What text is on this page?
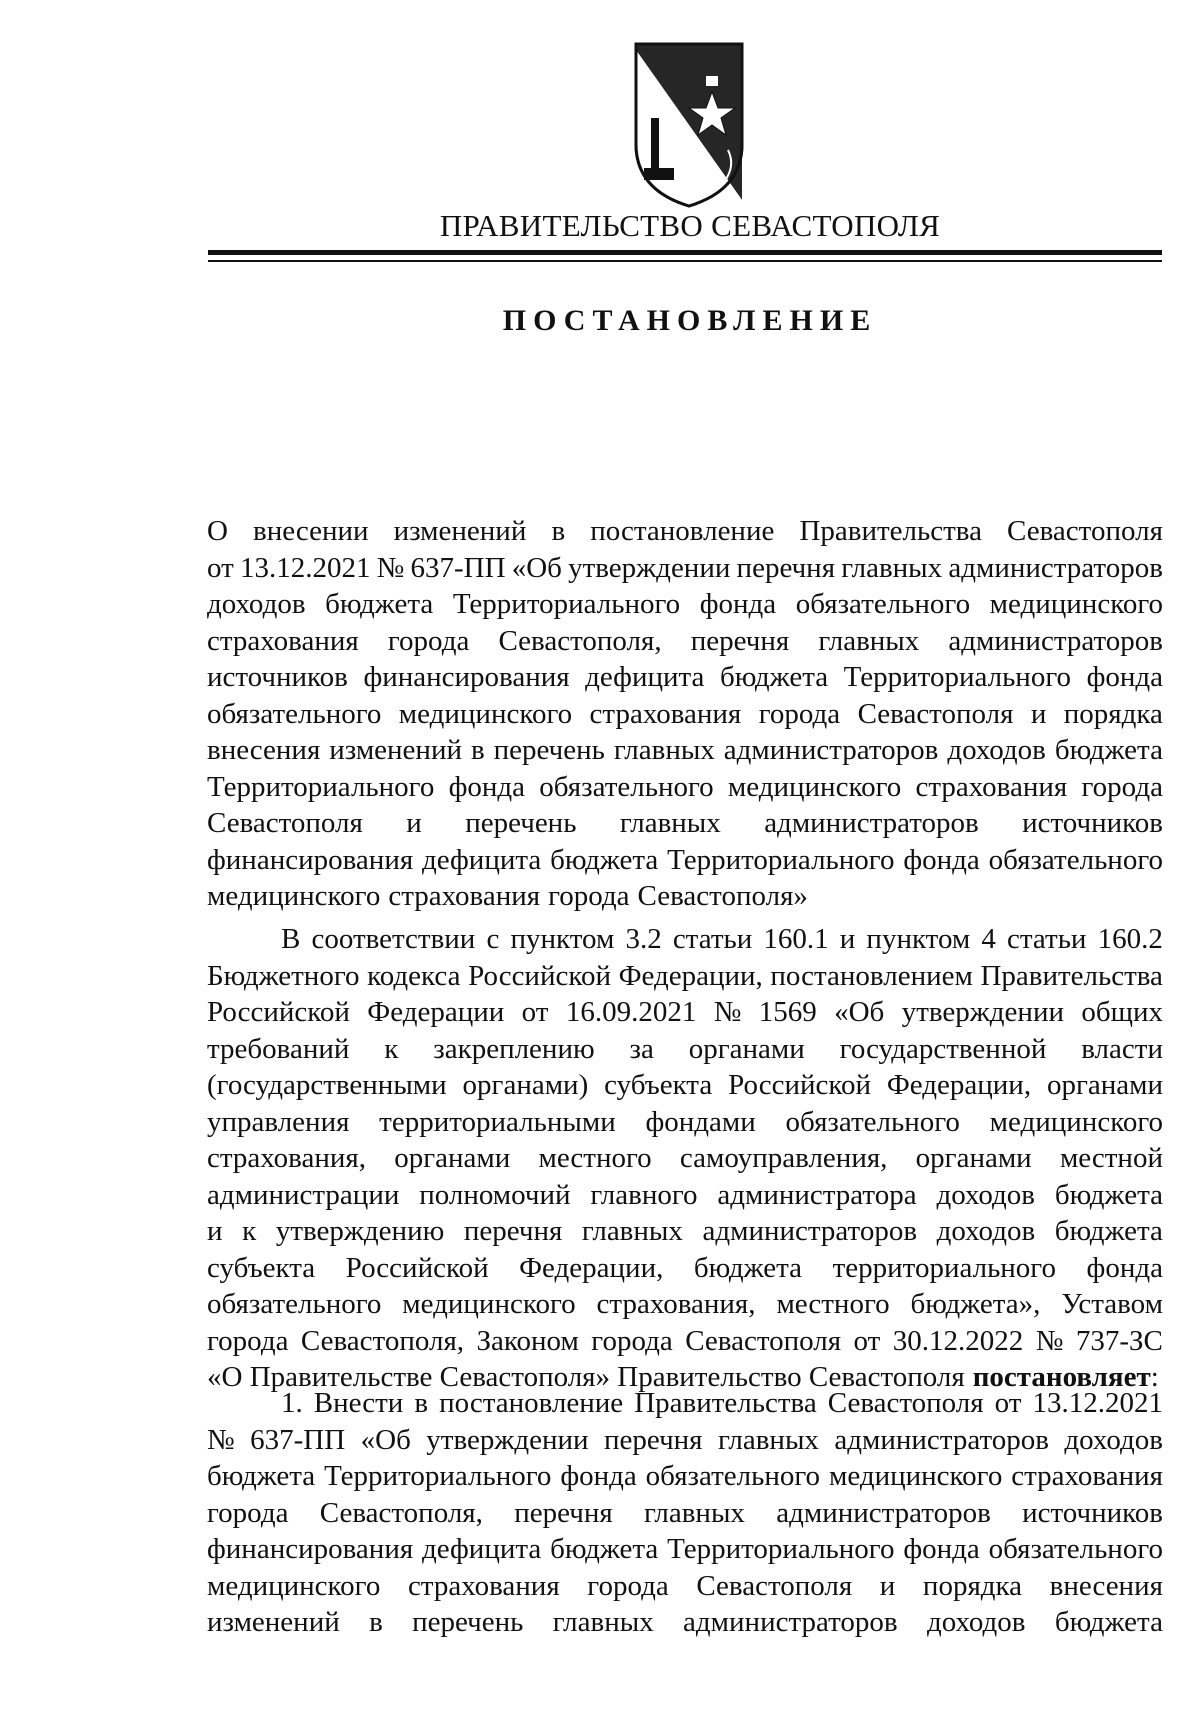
ПРАВИТЕЛЬСТВО СЕВАСТОПОЛЯ
ПОСТАНОВЛЕНИЕ
О внесении изменений в постановление Правительства Севастополя
от 13.12.2021 № 637-ПП «Об утверждении перечня главных администраторов
доходов бюджета Территориального фонда обязательного медицинского
страхования города Севастополя, перечня главных администраторов
источников финансирования дефицита бюджета Территориального фонда
обязательного медицинского страхования города Севастополя и порядка
внесения изменений в перечень главных администраторов доходов бюджета
Территориального фонда обязательного медицинского страхования города
Севастополя и перечень главных администраторов источников
финансирования дефицита бюджета Территориального фонда обязательного
медицинского страхования города Севастополя»
В соответствии с пунктом 3.2 статьи 160.1 и пунктом 4 статьи 160.2
Бюджетного кодекса Российской Федерации, постановлением Правительства
Российской Федерации от 16.09.2021 № 1569 «Об утверждении общих
требований к закреплению за органами государственной власти
(государственными органами) субъекта Российской Федерации, органами
управления территориальными фондами обязательного медицинского
страхования, органами местного самоуправления, органами местной
администрации полномочий главного администратора доходов бюджета
и к утверждению перечня главных администраторов доходов бюджета
субъекта Российской Федерации, бюджета территориального фонда
обязательного медицинского страхования, местного бюджета», Уставом
города Севастополя, Законом города Севастополя от 30.12.2022 № 737-ЗС
«О Правительстве Севастополя» Правительство Севастополя постановляет :
1. Внести в постановление Правительства Севастополя от 13.12.2021
№ 637-ПП «Об утверждении перечня главных администраторов доходов
бюджета Территориального фонда обязательного медицинского страхования
города Севастополя, перечня главных администраторов источников
финансирования дефицита бюджета Территориального фонда обязательного
медицинского страхования города Севастополя и порядка внесения
изменений в перечень главных администраторов доходов бюджета
